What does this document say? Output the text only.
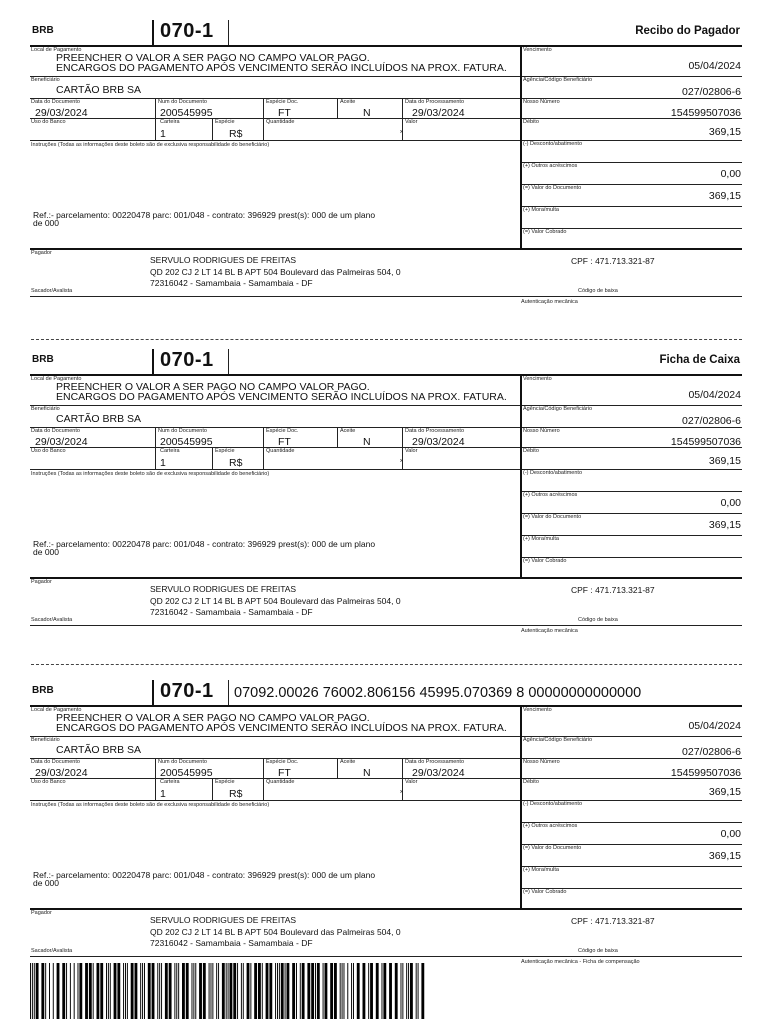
BRB	070-1	Recibo do Pagador
Local de Pagamento
PREENCHER O VALOR A SER PAGO NO CAMPO VALOR PAGO.
ENCARGOS DO PAGAMENTO APÓS VENCIMENTO SERÃO INCLUÍDOS NA PROX. FATURA.
Vencimento
05/04/2024
Beneficiário
CARTÃO BRB SA
Agência/Código Beneficiário
027/02806-6
Data do Documento
29/03/2024
Num do Documento
200545995
Espécie Doc.
FT
Aceite
N
Data do Processamento
29/03/2024
Nosso Número
154599507036
Uso do Banco	Carteira
1
Espécie
R$
Quantidade
x
Valor	Débito
369,15
Instruções (Todas as informações deste boleto são de exclusiva responsabilidade do beneficiário)	(-) Desconto/abatimento
(+) Outros acréscimos
0,00
(=) Valor do Documento
369,15
(+) Mora/multa
(=) Valor Cobrado
Ref.:- parcelamento: 00220478 parc: 001/048 - contrato: 396929 prest(s): 000 de um plano
de 000
Pagador
SERVULO RODRIGUES DE FREITAS
QD 202 CJ 2 LT 14 BL B APT 504 Boulevard das Palmeiras 504, 0
72316042 - Samambaia - Samambaia - DF
CPF : 471.713.321-87
Sacador/Avalista	Código de baixa
Autenticação mecânica
BRB	070-1	Ficha de Caixa
Local de Pagamento
PREENCHER O VALOR A SER PAGO NO CAMPO VALOR PAGO.
ENCARGOS DO PAGAMENTO APÓS VENCIMENTO SERÃO INCLUÍDOS NA PROX. FATURA.
Vencimento
05/04/2024
Beneficiário
CARTÃO BRB SA
Agência/Código Beneficiário
027/02806-6
Data do Documento
29/03/2024
Num do Documento
200545995
Espécie Doc.
FT
Aceite
N
Data do Processamento
29/03/2024
Nosso Número
154599507036
Uso do Banco	Carteira
1
Espécie
R$
Quantidade
x
Valor	Débito
369,15
Instruções (Todas as informações deste boleto são de exclusiva responsabilidade do beneficiário)	(-) Desconto/abatimento
(+) Outros acréscimos
0,00
(=) Valor do Documento
369,15
(+) Mora/multa
(=) Valor Cobrado
Ref.:- parcelamento: 00220478 parc: 001/048 - contrato: 396929 prest(s): 000 de um plano
de 000
Pagador
SERVULO RODRIGUES DE FREITAS
QD 202 CJ 2 LT 14 BL B APT 504 Boulevard das Palmeiras 504, 0
72316042 - Samambaia - Samambaia - DF
CPF : 471.713.321-87
Sacador/Avalista	Código de baixa
Autenticação mecânica
BRB	070-1 07092.00026 76002.806156 45995.070369 8 00000000000000
Local de Pagamento
PREENCHER O VALOR A SER PAGO NO CAMPO VALOR PAGO.
ENCARGOS DO PAGAMENTO APÓS VENCIMENTO SERÃO INCLUÍDOS NA PROX. FATURA.
Vencimento
05/04/2024
Beneficiário
CARTÃO BRB SA
Agência/Código Beneficiário
027/02806-6
Data do Documento
29/03/2024
Num do Documento
200545995
Espécie Doc.
FT
Aceite
N
Data do Processamento
29/03/2024
Nosso Número
154599507036
Uso do Banco	Carteira
1
Espécie
R$
Quantidade
x
Valor	Débito
369,15
Instruções (Todas as informações deste boleto são de exclusiva responsabilidade do beneficiário)	(-) Desconto/abatimento
(+) Outros acréscimos
0,00
(=) Valor do Documento
369,15
(+) Mora/multa
(=) Valor Cobrado
Ref.:- parcelamento: 00220478 parc: 001/048 - contrato: 396929 prest(s): 000 de um plano
de 000
Pagador
SERVULO RODRIGUES DE FREITAS
QD 202 CJ 2 LT 14 BL B APT 504 Boulevard das Palmeiras 504, 0
72316042 - Samambaia - Samambaia - DF
CPF : 471.713.321-87
Sacador/Avalista	Código de baixa
Autenticação mecânica - Ficha de compensação
